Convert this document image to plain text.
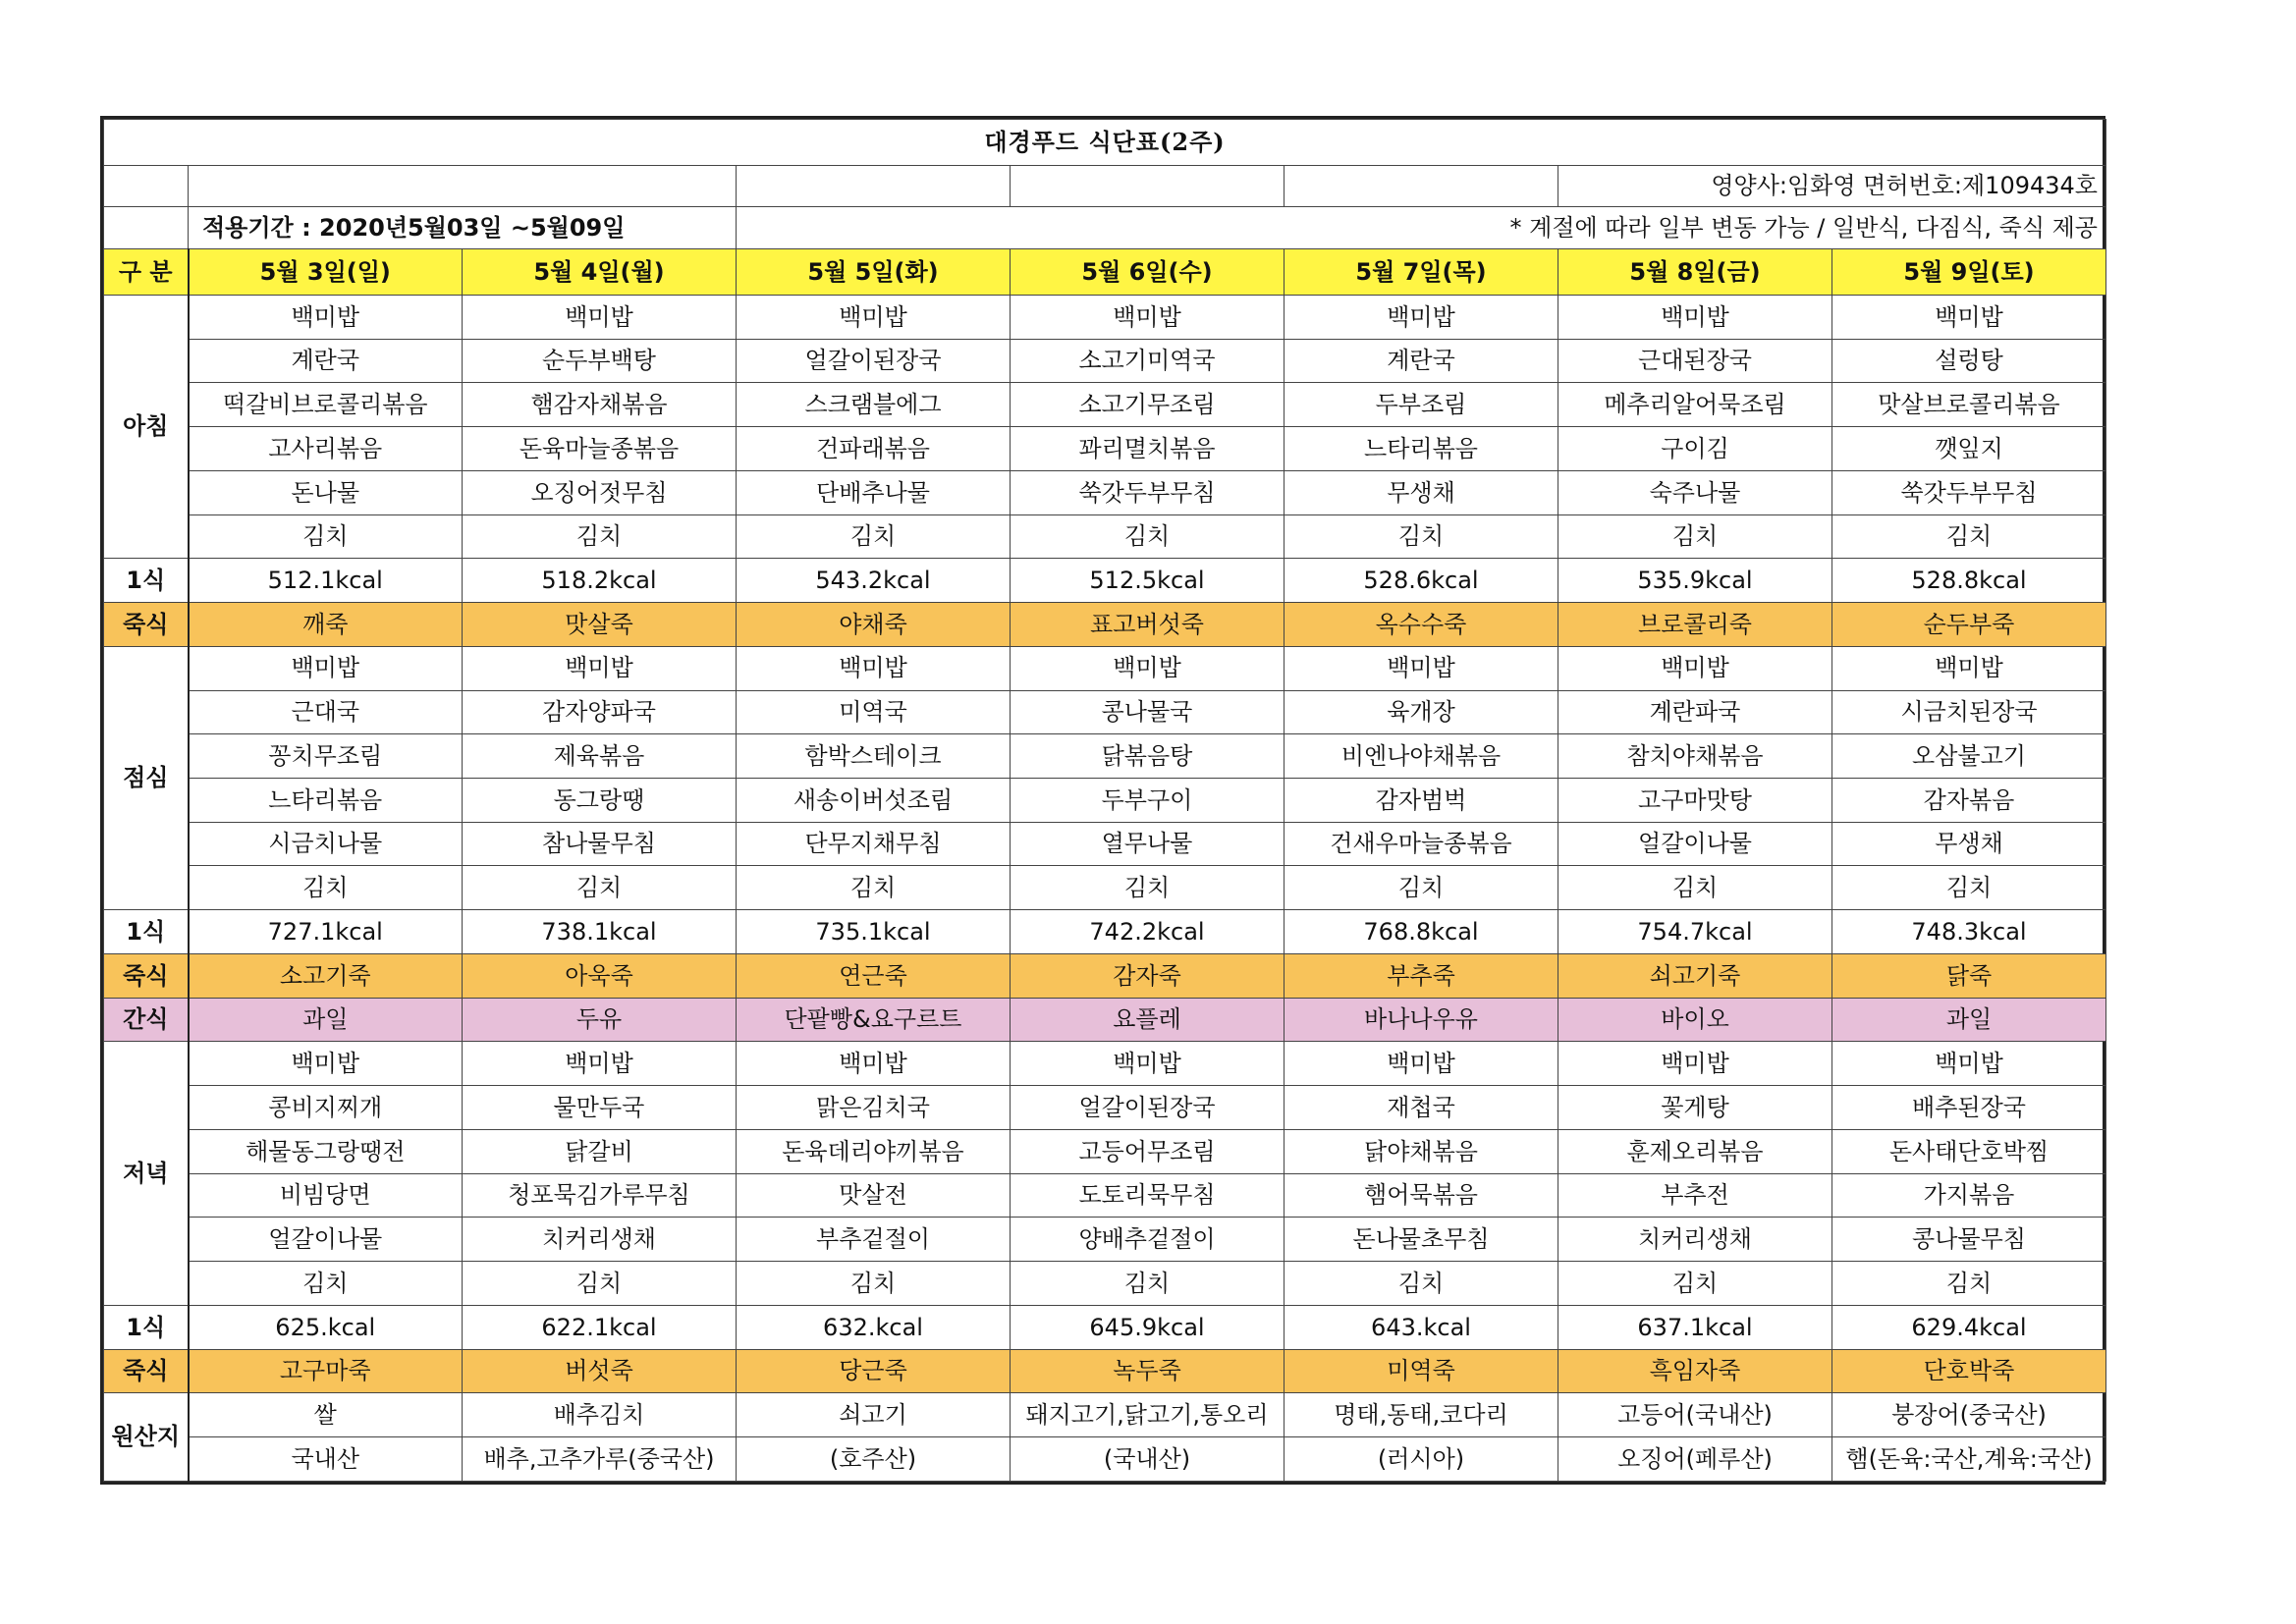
대경푸드 식단표(2주)							
						영양사:임화영 면허번호:제109434호	
	적용기간 : 2020년5월03일 ~5월09일		* 계절에 따라 일부 변동 가능 / 일반식, 다짐식, 죽식 제공				
구 분	5월 3일(일)	5월 4일(월)	5월 5일(화)	5월 6일(수)	5월 7일(목)	5월 8일(금)	5월 9일(토)
아침	백미밥	백미밥	백미밥	백미밥	백미밥	백미밥	백미밥
	계란국	순두부백탕	얼갈이된장국	소고기미역국	계란국	근대된장국	설렁탕
	떡갈비브로콜리볶음	햄감자채볶음	스크램블에그	소고기무조림	두부조림	메추리알어묵조림	맛살브로콜리볶음
	고사리볶음	돈육마늘종볶음	건파래볶음	꽈리멸치볶음	느타리볶음	구이김	깻잎지
	돈나물	오징어젓무침	단배추나물	쑥갓두부무침	무생채	숙주나물	쑥갓두부무침
	김치	김치	김치	김치	김치	김치	김치
1식	512.1kcal	518.2kcal	543.2kcal	512.5kcal	528.6kcal	535.9kcal	528.8kcal
죽식	깨죽	맛살죽	야채죽	표고버섯죽	옥수수죽	브로콜리죽	순두부죽
점심	백미밥	백미밥	백미밥	백미밥	백미밥	백미밥	백미밥
	근대국	감자양파국	미역국	콩나물국	육개장	계란파국	시금치된장국
	꽁치무조림	제육볶음	함박스테이크	닭볶음탕	비엔나야채볶음	참치야채볶음	오삼불고기
	느타리볶음	동그랑땡	새송이버섯조림	두부구이	감자범벅	고구마맛탕	감자볶음
	시금치나물	참나물무침	단무지채무침	열무나물	건새우마늘종볶음	얼갈이나물	무생채
	김치	김치	김치	김치	김치	김치	김치
1식	727.1kcal	738.1kcal	735.1kcal	742.2kcal	768.8kcal	754.7kcal	748.3kcal
죽식	소고기죽	아욱죽	연근죽	감자죽	부추죽	쇠고기죽	닭죽
간식	과일	두유	단팥빵&요구르트	요플레	바나나우유	바이오	과일
저녁	백미밥	백미밥	백미밥	백미밥	백미밥	백미밥	백미밥
	콩비지찌개	물만두국	맑은김치국	얼갈이된장국	재첩국	꽃게탕	배추된장국
	해물동그랑땡전	닭갈비	돈육데리야끼볶음	고등어무조림	닭야채볶음	훈제오리볶음	돈사태단호박찜
	비빔당면	청포묵김가루무침	맛살전	도토리묵무침	햄어묵볶음	부추전	가지볶음
	얼갈이나물	치커리생채	부추겉절이	양배추겉절이	돈나물초무침	치커리생채	콩나물무침
	김치	김치	김치	김치	김치	김치	김치
1식	625.kcal	622.1kcal	632.kcal	645.9kcal	643.kcal	637.1kcal	629.4kcal
죽식	고구마죽	버섯죽	당근죽	녹두죽	미역죽	흑임자죽	단호박죽
원산지	쌀	배추김치	쇠고기	돼지고기,닭고기,통오리	명태,동태,코다리	고등어(국내산)	붕장어(중국산)
	국내산	배추,고추가루(중국산)	(호주산)	(국내산)	(러시아)	오징어(페루산)	햄(돈육:국산,계육:국산)
